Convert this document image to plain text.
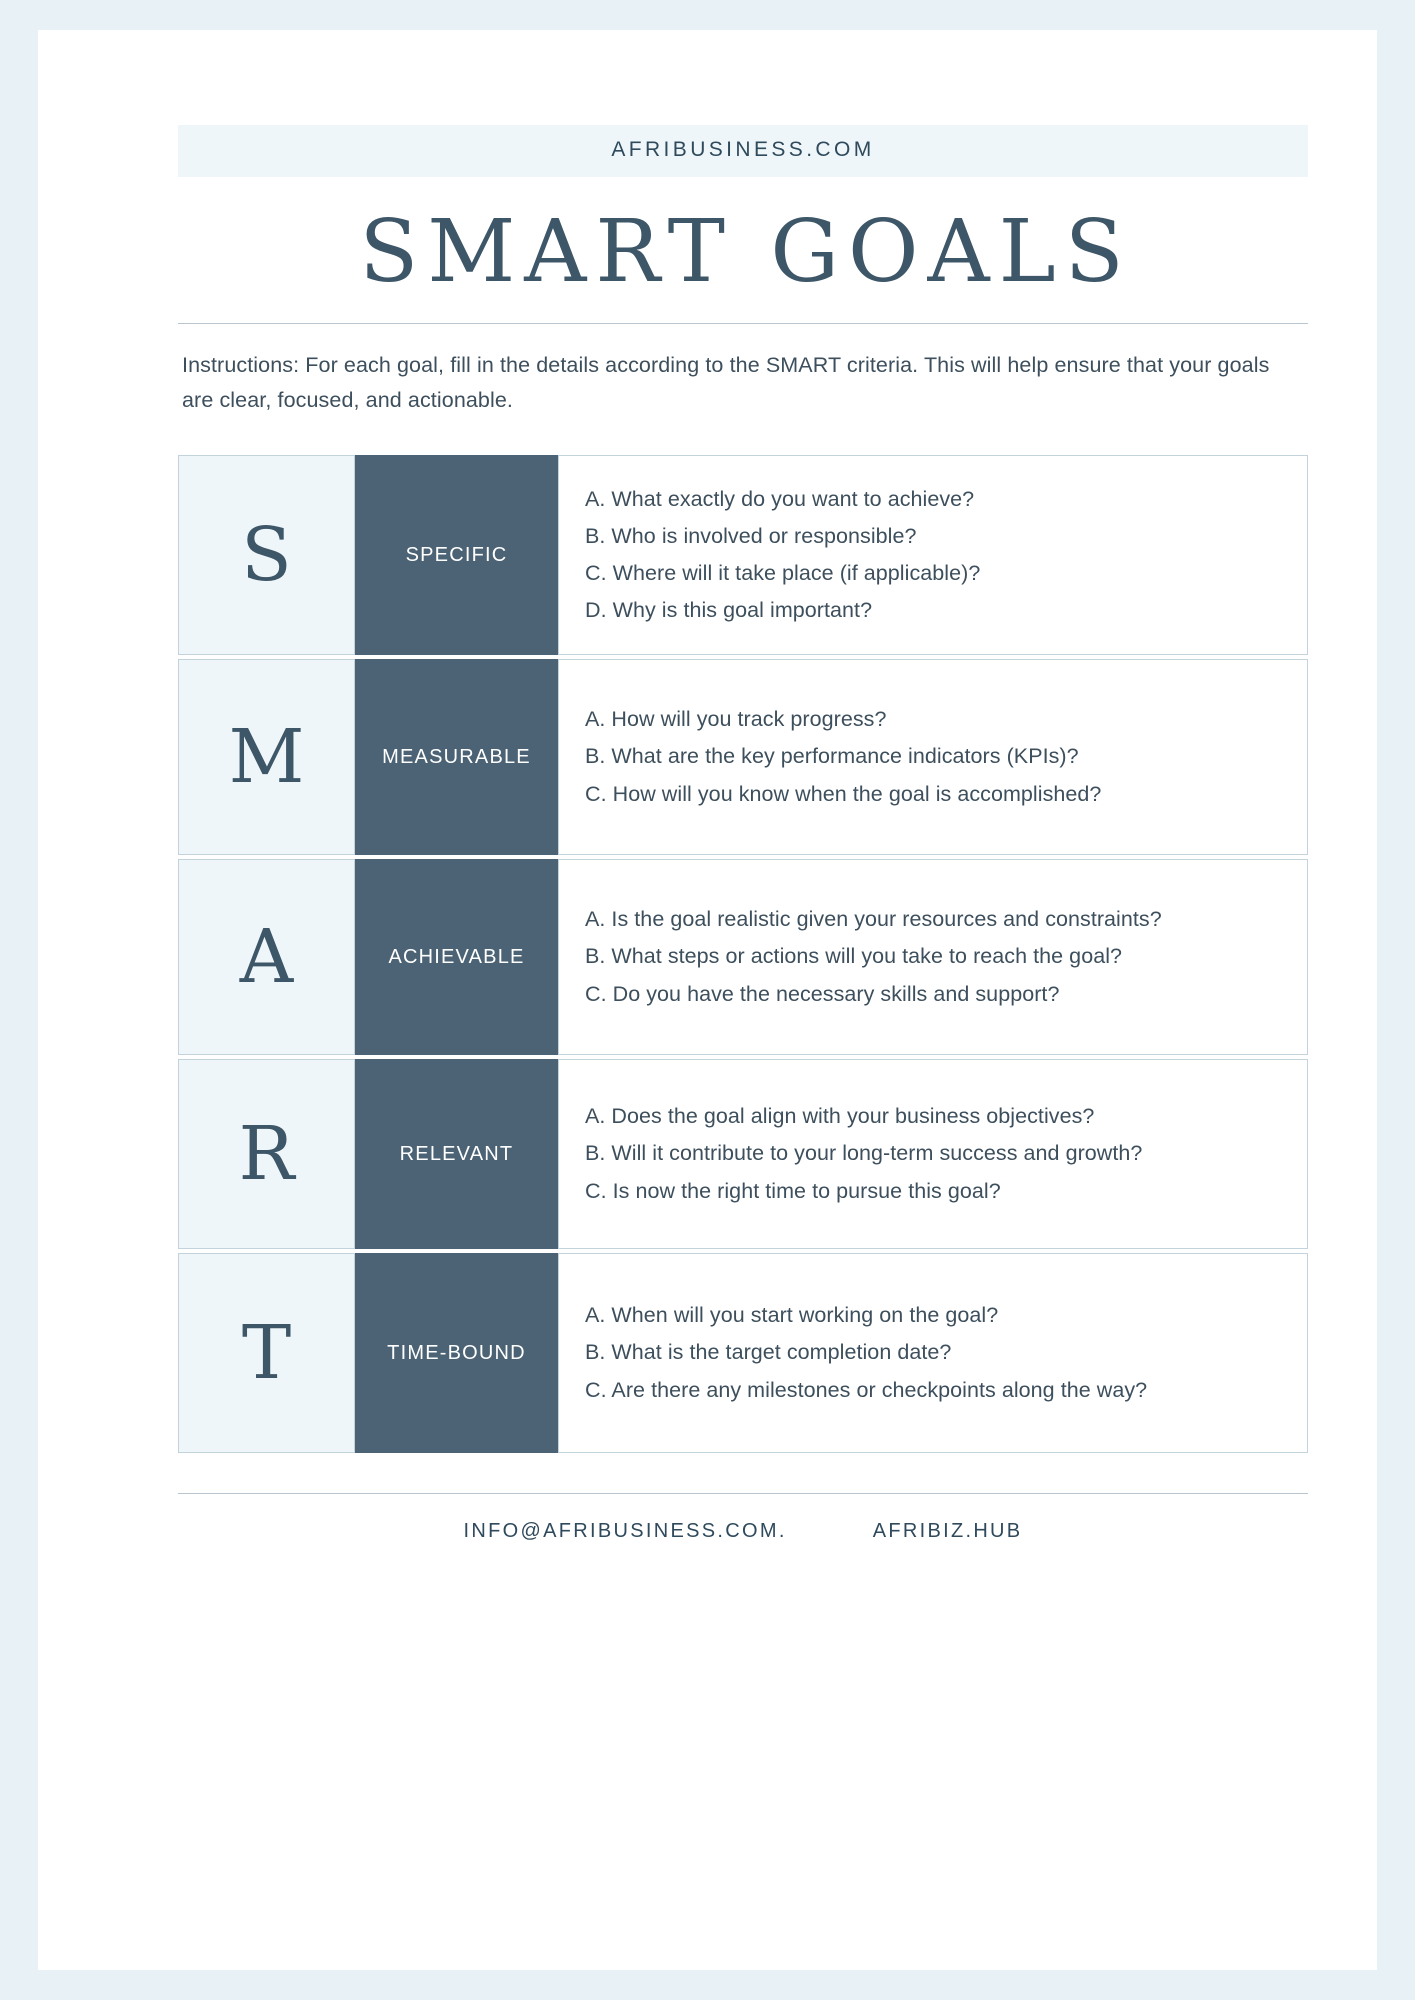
AFRIBUSINESS.COM
SMART GOALS
Instructions: For each goal, fill in the details according to the SMART criteria. This will help ensure that your goals are clear, focused, and actionable.
S	SPECIFIC
A. What exactly do you want to achieve?
B. Who is involved or responsible?
C. Where will it take place (if applicable)?
D. Why is this goal important?
M	MEASURABLE
A. How will you track progress?
B. What are the key performance indicators (KPIs)?
C. How will you know when the goal is accomplished?
A	ACHIEVABLE
A. Is the goal realistic given your resources and constraints?
B. What steps or actions will you take to reach the goal?
C. Do you have the necessary skills and support?
R	RELEVANT
A. Does the goal align with your business objectives?
B. Will it contribute to your long-term success and growth?
C. Is now the right time to pursue this goal?
T	TIME-BOUND
A. When will you start working on the goal?
B. What is the target completion date?
C. Are there any milestones or checkpoints along the way?
INFO@AFRIBUSINESS.COM.	AFRIBIZ.HUB
